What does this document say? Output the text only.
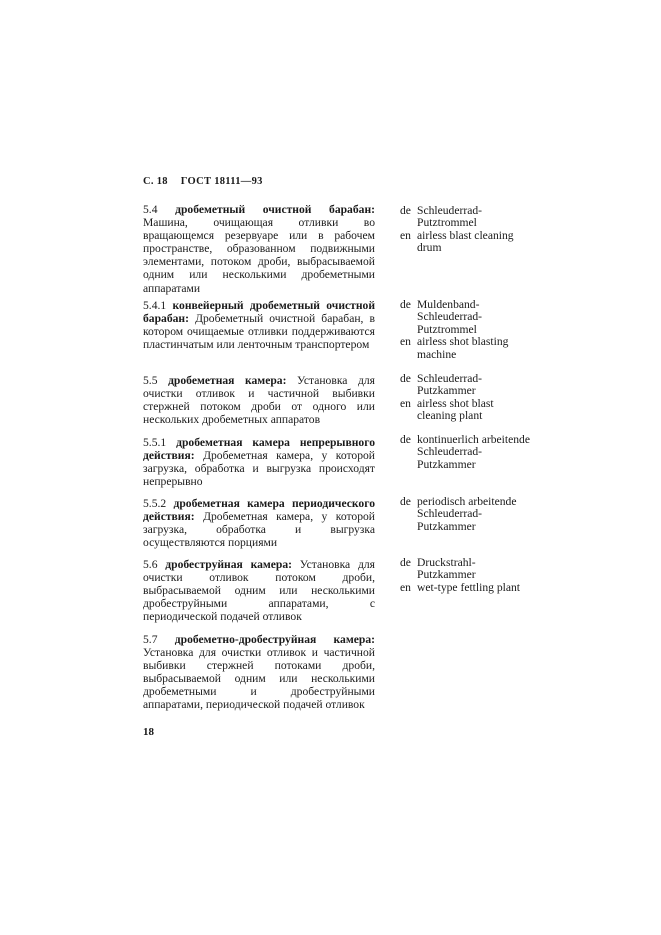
С. 18 ГОСТ 18111—93
5.4 дробеметный очистной барабан: Машина, очищающая отливки во вращающемся резервуаре или в рабочем пространстве, образованном подвижными элементами, потоком дроби, выбрасываемой одним или несколькими дробеметными аппаратами
5.4.1 конвейерный дробеметный очистной барабан: Дробеметный очистной барабан, в котором очищаемые отливки поддерживаются пластинчатым или ленточным транспортером
5.5 дробеметная камера: Установка для очистки отливок и частичной выбивки стержней потоком дроби от одного или нескольких дробеметных аппаратов
5.5.1 дробеметная камера непрерывного действия: Дробеметная камера, у которой загрузка, обработка и выгрузка происходят непрерывно
5.5.2 дробеметная камера периодического действия: Дробеметная камера, у которой загрузка, обработка и выгрузка осуществляются порциями
5.6 дробеструйная камера: Установка для очистки отливок потоком дроби, выбрасываемой одним или несколькими дробеструйными аппаратами, с периодической подачей отливок
5.7 дробеметно-дробеструйная камера: Установка для очистки отливок и частичной выбивки стержней потоками дроби, выбрасываемой одним или несколькими дробеметными и дробеструйными аппаратами, периодической подачей отливок
de Schleuderrad-Putztrommel
en airless blast cleaning drum
de Muldenband-Schleuderrad-Putztrommel
en airless shot blasting machine
de Schleuderrad-Putzkammer
en airless shot blast cleaning plant
de kontinuerlich arbeitende Schleuderrad-Putzkammer
de periodisch arbeitende Schleuderrad-Putzkammer
de Druckstrahl-Putzkammer
en wet-type fettling plant
18
